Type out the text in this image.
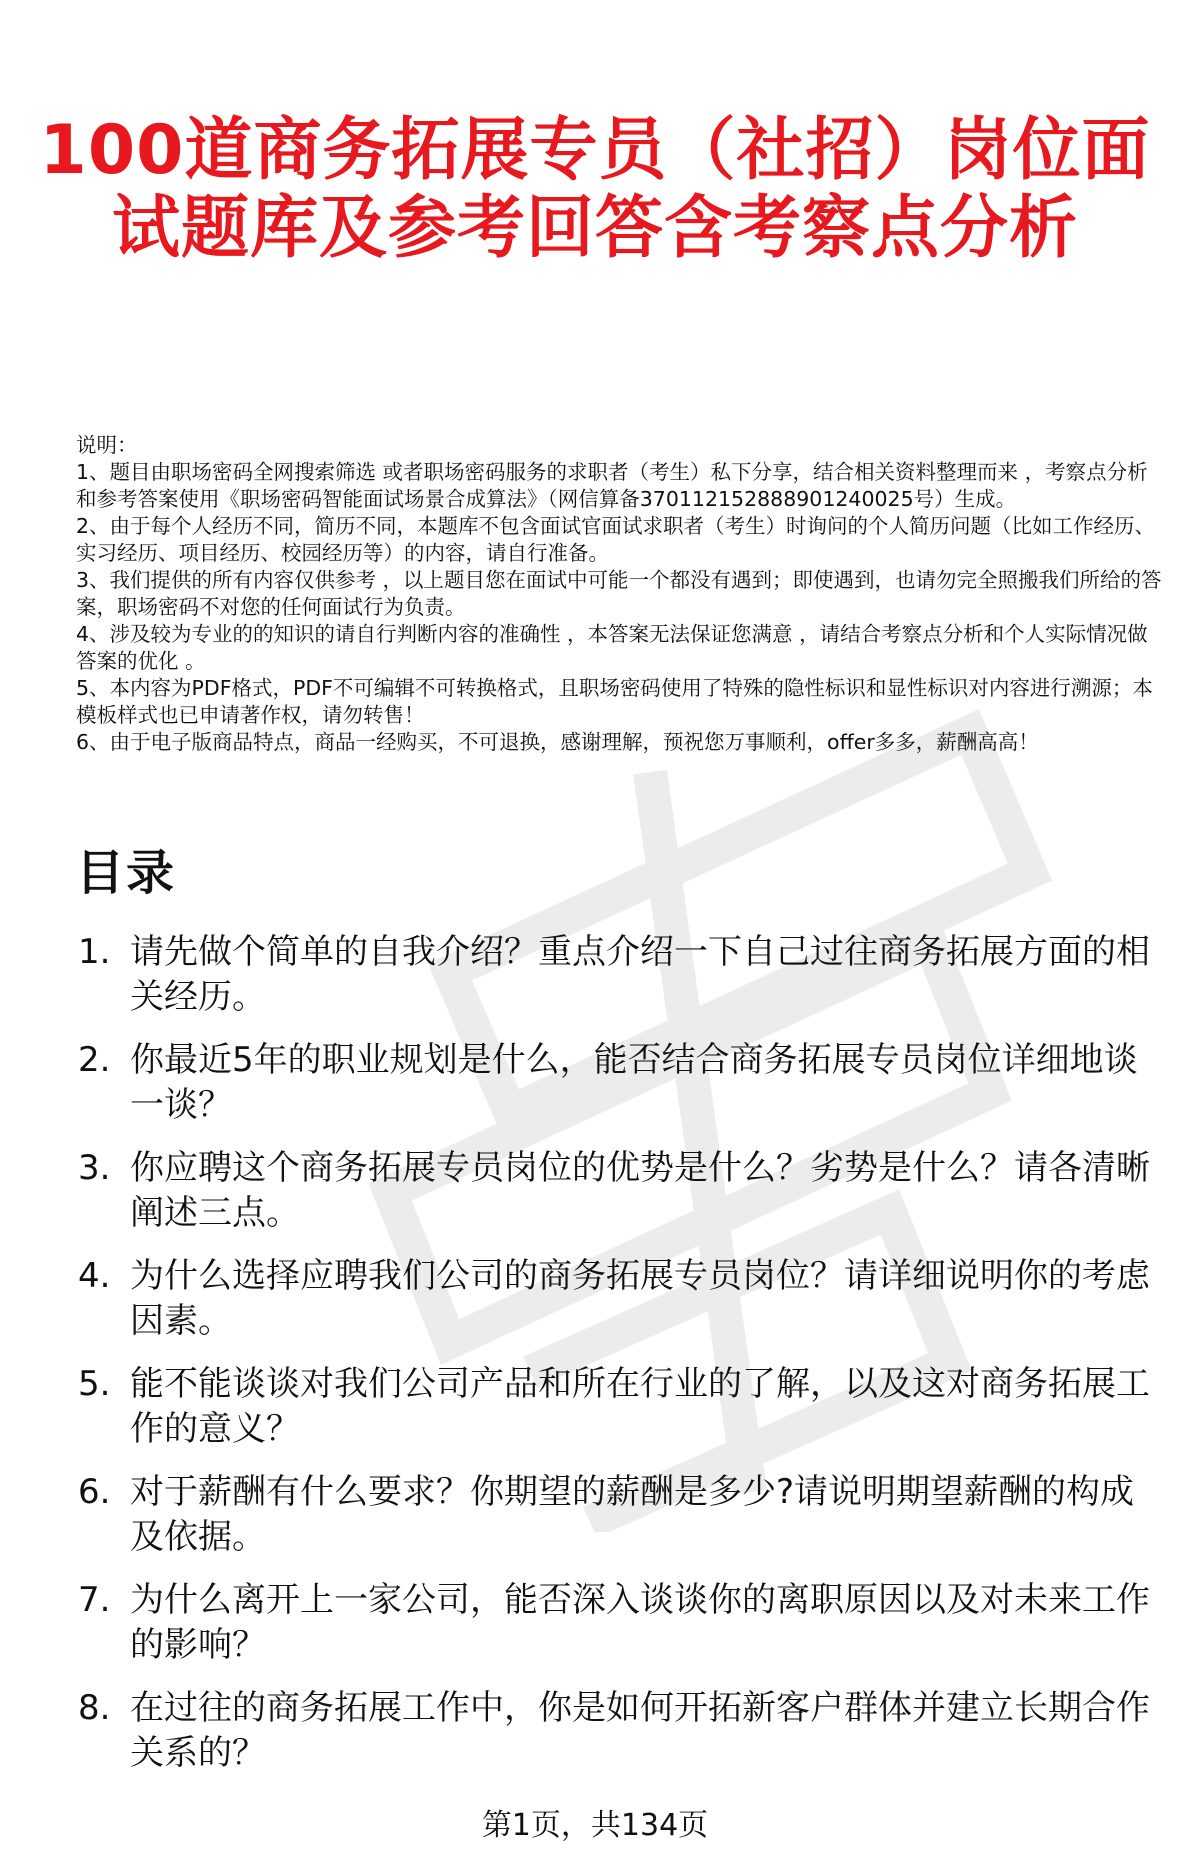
100道商务拓展专员（社招）岗位面
试题库及参考回答含考察点分析

说明：

1、题目由职场密码全网搜索筛选 或者职场密码服务的求职者（考生）私下分享，结合相关资料整理而来 ，考察点分析和参考答案使用《职场密码智能面试场景合成算法》（网信算备370112152888901240025号）生成。

2、由于每个人经历不同，简历不同，本题库不包含面试官面试求职者（考生）时询问的个人简历问题（比如工作经历、实习经历、项目经历、校园经历等）的内容，请自行准备。

3、我们提供的所有内容仅供参考 ，以上题目您在面试中可能一个都没有遇到；即使遇到，也请勿完全照搬我们所给的答案，职场密码不对您的任何面试行为负责。

4、涉及较为专业的的知识的请自行判断内容的准确性 ，本答案无法保证您满意 ，请结合考察点分析和个人实际情况做答案的优化 。

5、本内容为PDF格式，PDF不可编辑不可转换格式，且职场密码使用了特殊的隐性标识和显性标识对内容进行溯源；本模板样式也已申请著作权，请勿转售！

6、由于电子版商品特点，商品一经购买，不可退换，感谢理解，预祝您万事顺利，offer多多，薪酬高高！

目录
1. 请先做个简单的自我介绍？重点介绍一下自己过往商务拓展方面的相关经历。
2. 你最近5年的职业规划是什么，能否结合商务拓展专员岗位详细地谈一谈？
3. 你应聘这个商务拓展专员岗位的优势是什么？劣势是什么？请各清晰阐述三点。
4. 为什么选择应聘我们公司的商务拓展专员岗位？请详细说明你的考虑因素。
5. 能不能谈谈对我们公司产品和所在行业的了解，以及这对商务拓展工作的意义？
6. 对于薪酬有什么要求？你期望的薪酬是多少?请说明期望薪酬的构成及依据。
7. 为什么离开上一家公司，能否深入谈谈你的离职原因以及对未来工作的影响？
8. 在过往的商务拓展工作中，你是如何开拓新客户群体并建立长期合作关系的？
第1页，共134页
